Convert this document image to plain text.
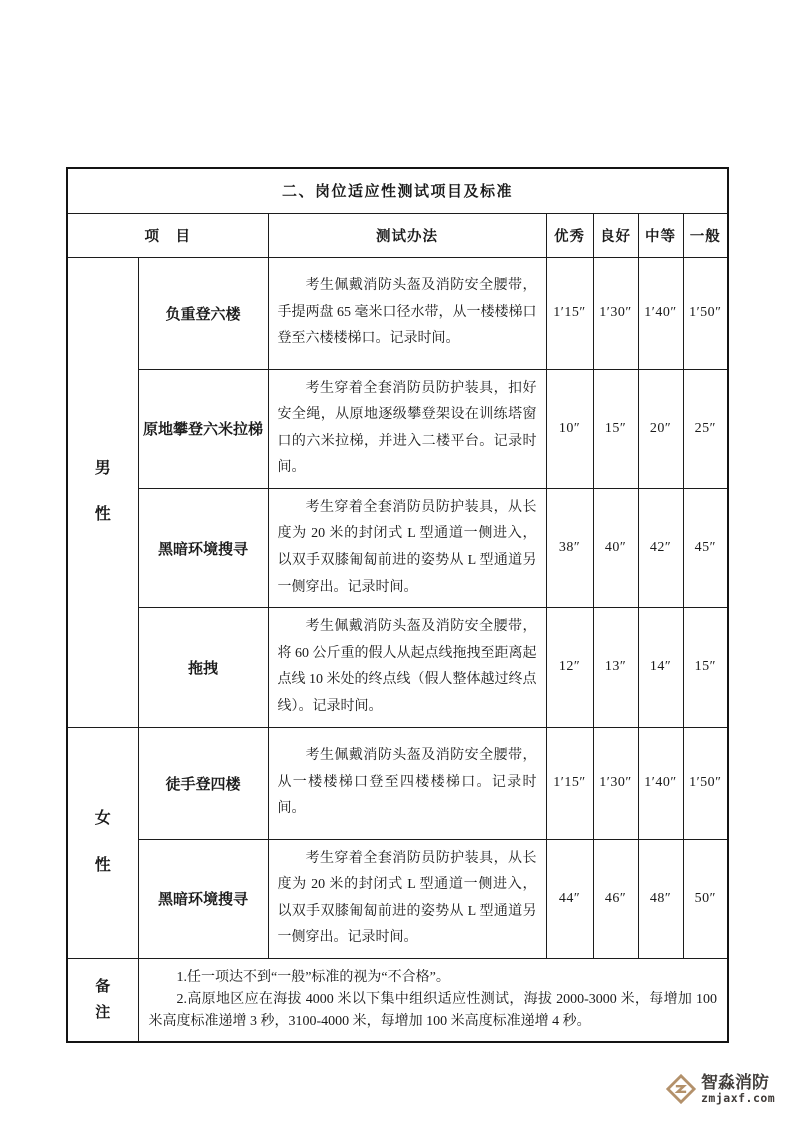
二、岗位适应性测试项目及标准						
项　目		测试办法	优秀	良好	中等	一般

男性	负重登六楼	考生佩戴消防头盔及消防安全腰带，手提两盘 65 毫米口径水带，从一楼楼梯口登至六楼楼梯口。记录时间。	1′15″	1′30″	1′40″	1′50″
	原地攀登六米拉梯	考生穿着全套消防员防护装具，扣好安全绳，从原地逐级攀登架设在训练塔窗口的六米拉梯，并进入二楼平台。记录时间。	10″	15″	20″	25″
	黑暗环境搜寻	考生穿着全套消防员防护装具，从长度为 20 米的封闭式 L 型通道一侧进入，以双手双膝匍匐前进的姿势从 L 型通道另一侧穿出。记录时间。	38″	40″	42″	45″
	拖拽	考生佩戴消防头盔及消防安全腰带，将 60 公斤重的假人从起点线拖拽至距离起点线 10 米处的终点线（假人整体越过终点线）。记录时间。	12″	13″	14″	15″

女性	徒手登四楼	考生佩戴消防头盔及消防安全腰带，从一楼楼梯口登至四楼楼梯口。记录时间。	1′15″	1′30″	1′40″	1′50″
	黑暗环境搜寻	考生穿着全套消防员防护装具，从长度为 20 米的封闭式 L 型通道一侧进入，以双手双膝匍匐前进的姿势从 L 型通道另一侧穿出。记录时间。	44″	46″	48″	50″

备注	1.任一项达不到“一般”标准的视为“不合格”。
2.高原地区应在海拔 4000 米以下集中组织适应性测试，海拔 2000-3000 米，每增加 100 米高度标准递增 3 秒，3100-4000 米，每增加 100 米高度标准递增 4 秒。					
智淼消防
zmjaxf.com
